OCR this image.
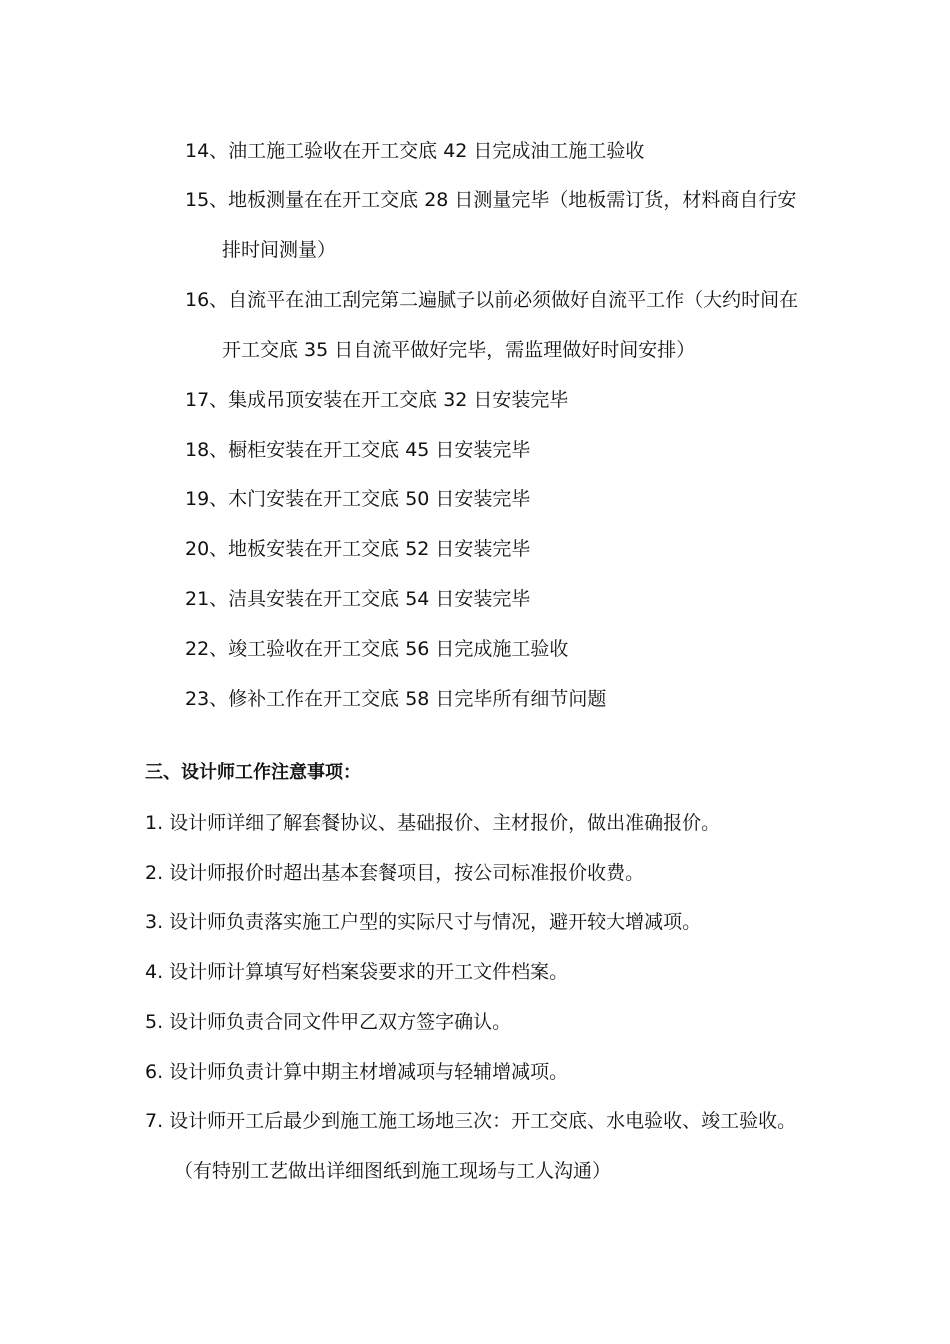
14、油工施工验收在开工交底 42 日完成油工施工验收
15、地板测量在在开工交底 28 日测量完毕（地板需订货，材料商自行安
排时间测量）
16、自流平在油工刮完第二遍腻子以前必须做好自流平工作（大约时间在
开工交底 35 日自流平做好完毕，需监理做好时间安排）
17、集成吊顶安装在开工交底 32 日安装完毕
18、橱柜安装在开工交底 45 日安装完毕
19、木门安装在开工交底 50 日安装完毕
20、地板安装在开工交底 52 日安装完毕
21、洁具安装在开工交底 54 日安装完毕
22、竣工验收在开工交底 56 日完成施工验收
23、修补工作在开工交底 58 日完毕所有细节问题
三、设计师工作注意事项：
1. 设计师详细了解套餐协议、基础报价、主材报价，做出准确报价。
2. 设计师报价时超出基本套餐项目，按公司标准报价收费。
3. 设计师负责落实施工户型的实际尺寸与情况，避开较大增减项。
4. 设计师计算填写好档案袋要求的开工文件档案。
5. 设计师负责合同文件甲乙双方签字确认。
6. 设计师负责计算中期主材增减项与轻辅增减项。
7. 设计师开工后最少到施工施工场地三次：开工交底、水电验收、竣工验收。
（有特别工艺做出详细图纸到施工现场与工人沟通）
